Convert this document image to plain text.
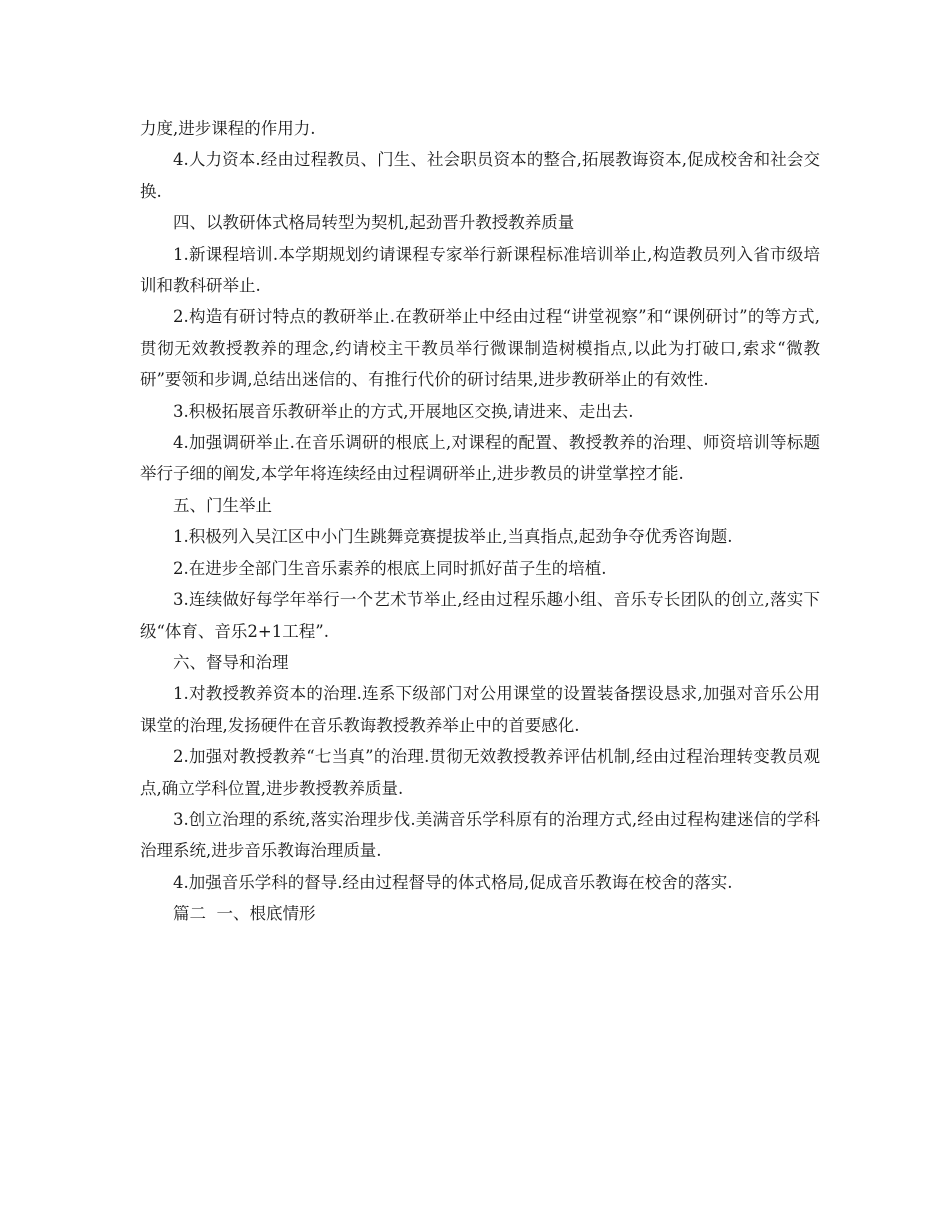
力度,进步课程的作用力.

4.人力资本.经由过程教员、门生、社会职员资本的整合,拓展教诲资本,促成校舍和社会交换.

四、以教研体式格局转型为契机,起劲晋升教授教养质量

1.新课程培训.本学期规划约请课程专家举行新课程标准培训举止,构造教员列入省市级培训和教科研举止.

2.构造有研讨特点的教研举止.在教研举止中经由过程“讲堂视察”和“课例研讨”的等方式,贯彻无效教授教养的理念,约请校主干教员举行微课制造树模指点,以此为打破口,索求“微教研”要领和步调,总结出迷信的、有推行代价的研讨结果,进步教研举止的有效性.

3.积极拓展音乐教研举止的方式,开展地区交换,请进来、走出去.

4.加强调研举止.在音乐调研的根底上,对课程的配置、教授教养的治理、师资培训等标题举行子细的阐发,本学年将连续经由过程调研举止,进步教员的讲堂掌控才能.

五、门生举止

1.积极列入吴江区中小门生跳舞竞赛提拔举止,当真指点,起劲争夺优秀咨询题.

2.在进步全部门生音乐素养的根底上同时抓好苗子生的培植.

3.连续做好每学年举行一个艺术节举止,经由过程乐趣小组、音乐专长团队的创立,落实下级“体育、音乐2+1工程”.

六、督导和治理

1.对教授教养资本的治理.连系下级部门对公用课堂的设置装备摆设恳求,加强对音乐公用课堂的治理,发扬硬件在音乐教诲教授教养举止中的首要感化.

2.加强对教授教养“七当真”的治理.贯彻无效教授教养评估机制,经由过程治理转变教员观点,确立学科位置,进步教授教养质量.

3.创立治理的系统,落实治理步伐.美满音乐学科原有的治理方式,经由过程构建迷信的学科治理系统,进步音乐教诲治理质量.

4.加强音乐学科的督导.经由过程督导的体式格局,促成音乐教诲在校舍的落实.

篇二  一、根底情形
